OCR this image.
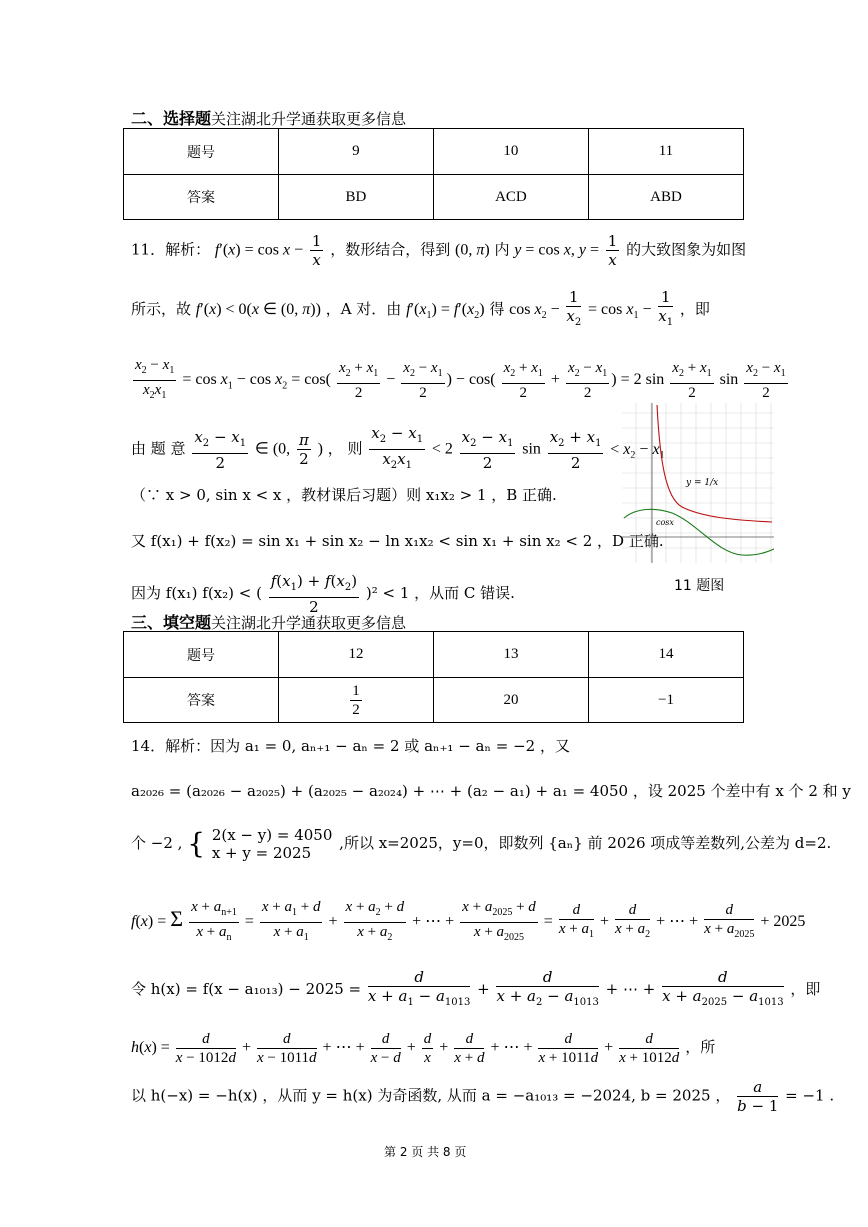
二、选择题关注湖北升学通获取更多信息
题号	9	10	11
答案	BD	ACD	ABD
11．解析： $f'(x) = \cos x - \frac{1}{x}$ ，数形结合，得到 (0, π) 内 y = cos x, $y = \frac{1}{x}$ 的大致图象为如图
所示，故 f′(x) < 0(x ∈ (0, π)) ，A 对．由 $f'(x_1) = f'(x_2)$ 得 $\cos x_2 - \frac{1}{x_2} = \cos x_1 - \frac{1}{x_1}$ ，即
$\frac{x_2 - x_1}{x_2x_1} = \cos x_1 - \cos x_2 = \cos( \frac{x_2 + x_1}{2} - \frac{x_2 - x_1}{2}$ ) − $\cos( \frac{x_2 + x_1}{2} + \frac{x_2 - x_1}{2}$ ) = 2 $\sin \frac{x_2 + x_1}{2}$ $\sin \frac{x_2 - x_1}{2}$
由 题 意 $\frac{x_2 - x_1}{2}$ ∈ (0, $\frac{\pi}{2}$ ) ， 则 $\frac{x_2 - x_1}{x_2x_1} < 2 \frac{x_2 - x_1}{2}$ $\sin \frac{x_2 + x_1}{2} < x_2 - x_1$
（∵ x > 0, sin x < x ，教材课后习题）则 x₁x₂ > 1 ，B 正确.
又 f(x₁) + f(x₂) = sin x₁ + sin x₂ − ln x₁x₂ < sin x₁ + sin x₂ < 2 ，D 正确.
因为 f(x₁) f(x₂) < ( $\frac{f(x_1) + f(x_2)}{2} )^2 < 1$ ，从而 C 错误.
y = 1/x
cosx
11 题图
三、填空题关注湖北升学通获取更多信息
题号	12	13	14
答案	$\frac{1}{2}$	20	−1
14．解析：因为 a₁ = 0, aₙ₊₁ − aₙ = 2 或 aₙ₊₁ − aₙ = −2 ，又
a₂₀₂₆ = (a₂₀₂₆ − a₂₀₂₅) + (a₂₀₂₅ − a₂₀₂₄) + ⋯ + (a₂ − a₁) + a₁ = 4050 ，设 2025 个差中有 x 个 2 和 y
个 −2 , { 2(x − y) = 4050
x + y = 2025
,所以 x=2025，y=0，即数列 {aₙ} 前 2026 项成等差数列,公差为 d=2.
f(x) = Σ $\frac{x + a_{n+1}}{x + a_n} = \frac{x + a_1 + d}{x + a_1} + \frac{x + a_2 + d}{x + a_2}$ + ⋯ + $\frac{x + a_{2025} + d}{x + a_{2025}} = \frac{d}{x + a_1} + \frac{d}{x + a_2}$ + ⋯ + $\frac{d}{x + a_{2025}} + 2025$
令 $h(x) = f(x - a_{1013}) - 2025 = \frac{d}{x + a_1 - a_{1013}} + \frac{d}{x + a_2 - a_{1013}}$ + ⋯ + $\frac{d}{x + a_{2025} - a_{1013}}$ ，即
$h(x) = \frac{d}{x - 1012d} + \frac{d}{x - 1011d}$ + ⋯ + $\frac{d}{x - d} + \frac{d}{x} + \frac{d}{x + d}$ + ⋯ + $\frac{d}{x + 1011d} + \frac{d}{x + 1012d}$ ，所
以 h(−x) = −h(x) ，从而 y = h(x) 为奇函数, 从而 a = −a₁₀₁₃ = −2024, b = 2025 ， $\frac{a}{b - 1} = -1$ .
第 2 页 共 8 页
